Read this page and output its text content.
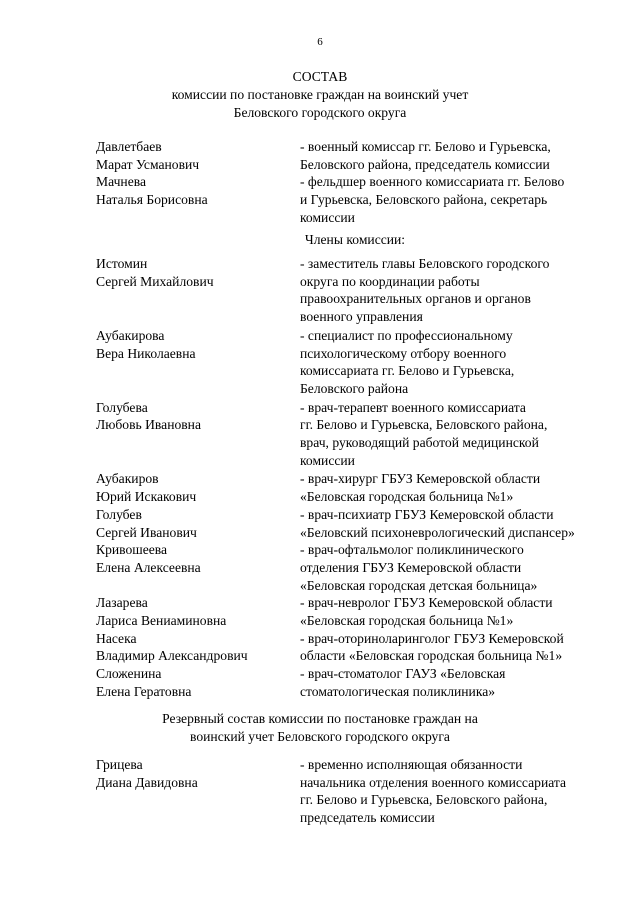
6
СОСТАВ
комиссии по постановке граждан на воинский учет
Беловского городского округа
Давлетбаев
Марат Усманович
- военный комиссар гг. Белово и Гурьевска,
Беловского района, председатель комиссии
Мачнева
Наталья Борисовна
- фельдшер военного комиссариата гг. Белово
и Гурьевска, Беловского района, секретарь
комиссии
Члены комиссии:
Истомин
Сергей Михайлович
- заместитель главы Беловского городского
округа по координации работы
правоохранительных органов и органов
военного управления
Аубакирова
Вера Николаевна
- специалист по профессиональному
психологическому отбору военного
комиссариата гг. Белово и Гурьевска,
Беловского района
Голубева
Любовь Ивановна
- врач-терапевт военного комиссариата
гг. Белово и Гурьевска, Беловского района,
врач, руководящий работой медицинской
комиссии
Аубакиров
Юрий Искакович
- врач-хирург ГБУЗ Кемеровской области
«Беловская городская больница №1»
Голубев
Сергей Иванович
- врач-психиатр ГБУЗ Кемеровской области
«Беловский психоневрологический диспансер»
Кривошеева
Елена Алексеевна
- врач-офтальмолог поликлинического
отделения ГБУЗ Кемеровской области
«Беловская городская детская больница»
Лазарева
Лариса Вениаминовна
- врач-невролог ГБУЗ Кемеровской области
«Беловская городская больница №1»
Насека
Владимир Александрович
- врач-оториноларинголог ГБУЗ Кемеровской
области «Беловская городская больница №1»
Сложенина
Елена Гератовна
- врач-стоматолог ГАУЗ «Беловская
стоматологическая поликлиника»
Резервный состав комиссии по постановке граждан на
воинский учет Беловского городского округа
Грицева
Диана Давидовна
- временно исполняющая обязанности
начальника отделения военного комиссариата
гг. Белово и Гурьевска, Беловского района,
председатель комиссии
